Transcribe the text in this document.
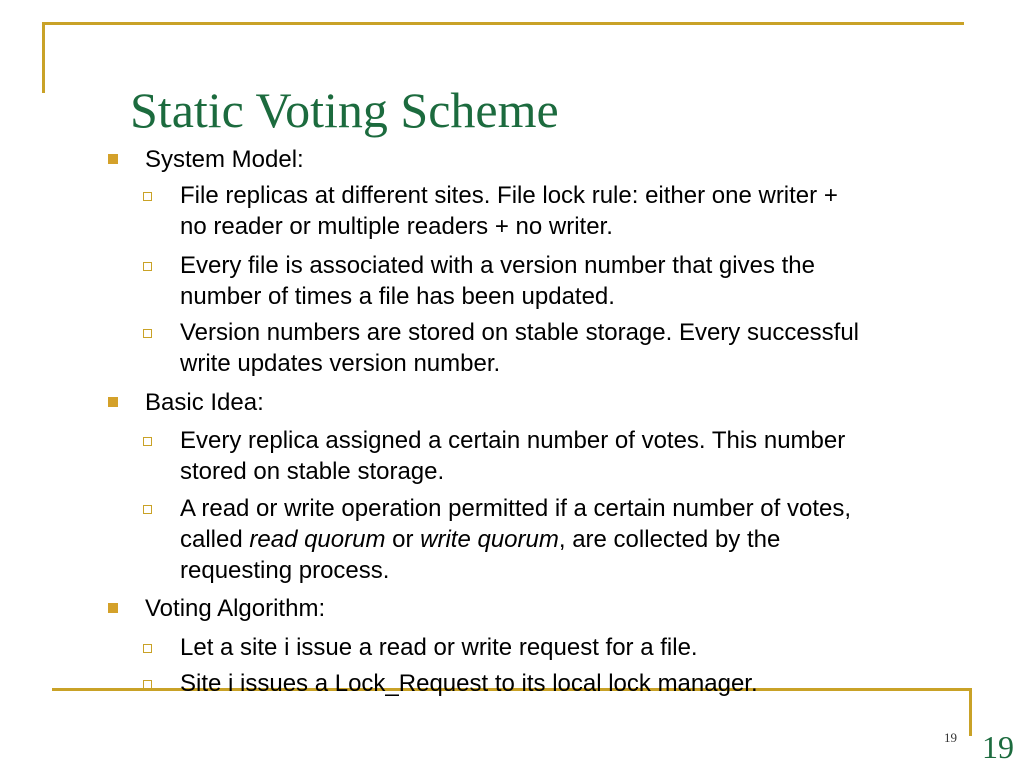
Static Voting Scheme
System Model:
File replicas at different sites. File lock rule: either one writer +
no reader or multiple readers + no writer.
Every file is associated with a version number that gives the
number of times a file has been updated.
Version numbers are stored on stable storage. Every successful
write updates version number.
Basic Idea:
Every replica assigned a certain number of votes. This number
stored on stable storage.
A read or write operation permitted if a certain number of votes,
called read quorum or write quorum, are collected by the
requesting process.
Voting Algorithm:
Let a site i issue a read or write request for a file.
Site i issues a Lock_Request to its local lock manager.
19 19
